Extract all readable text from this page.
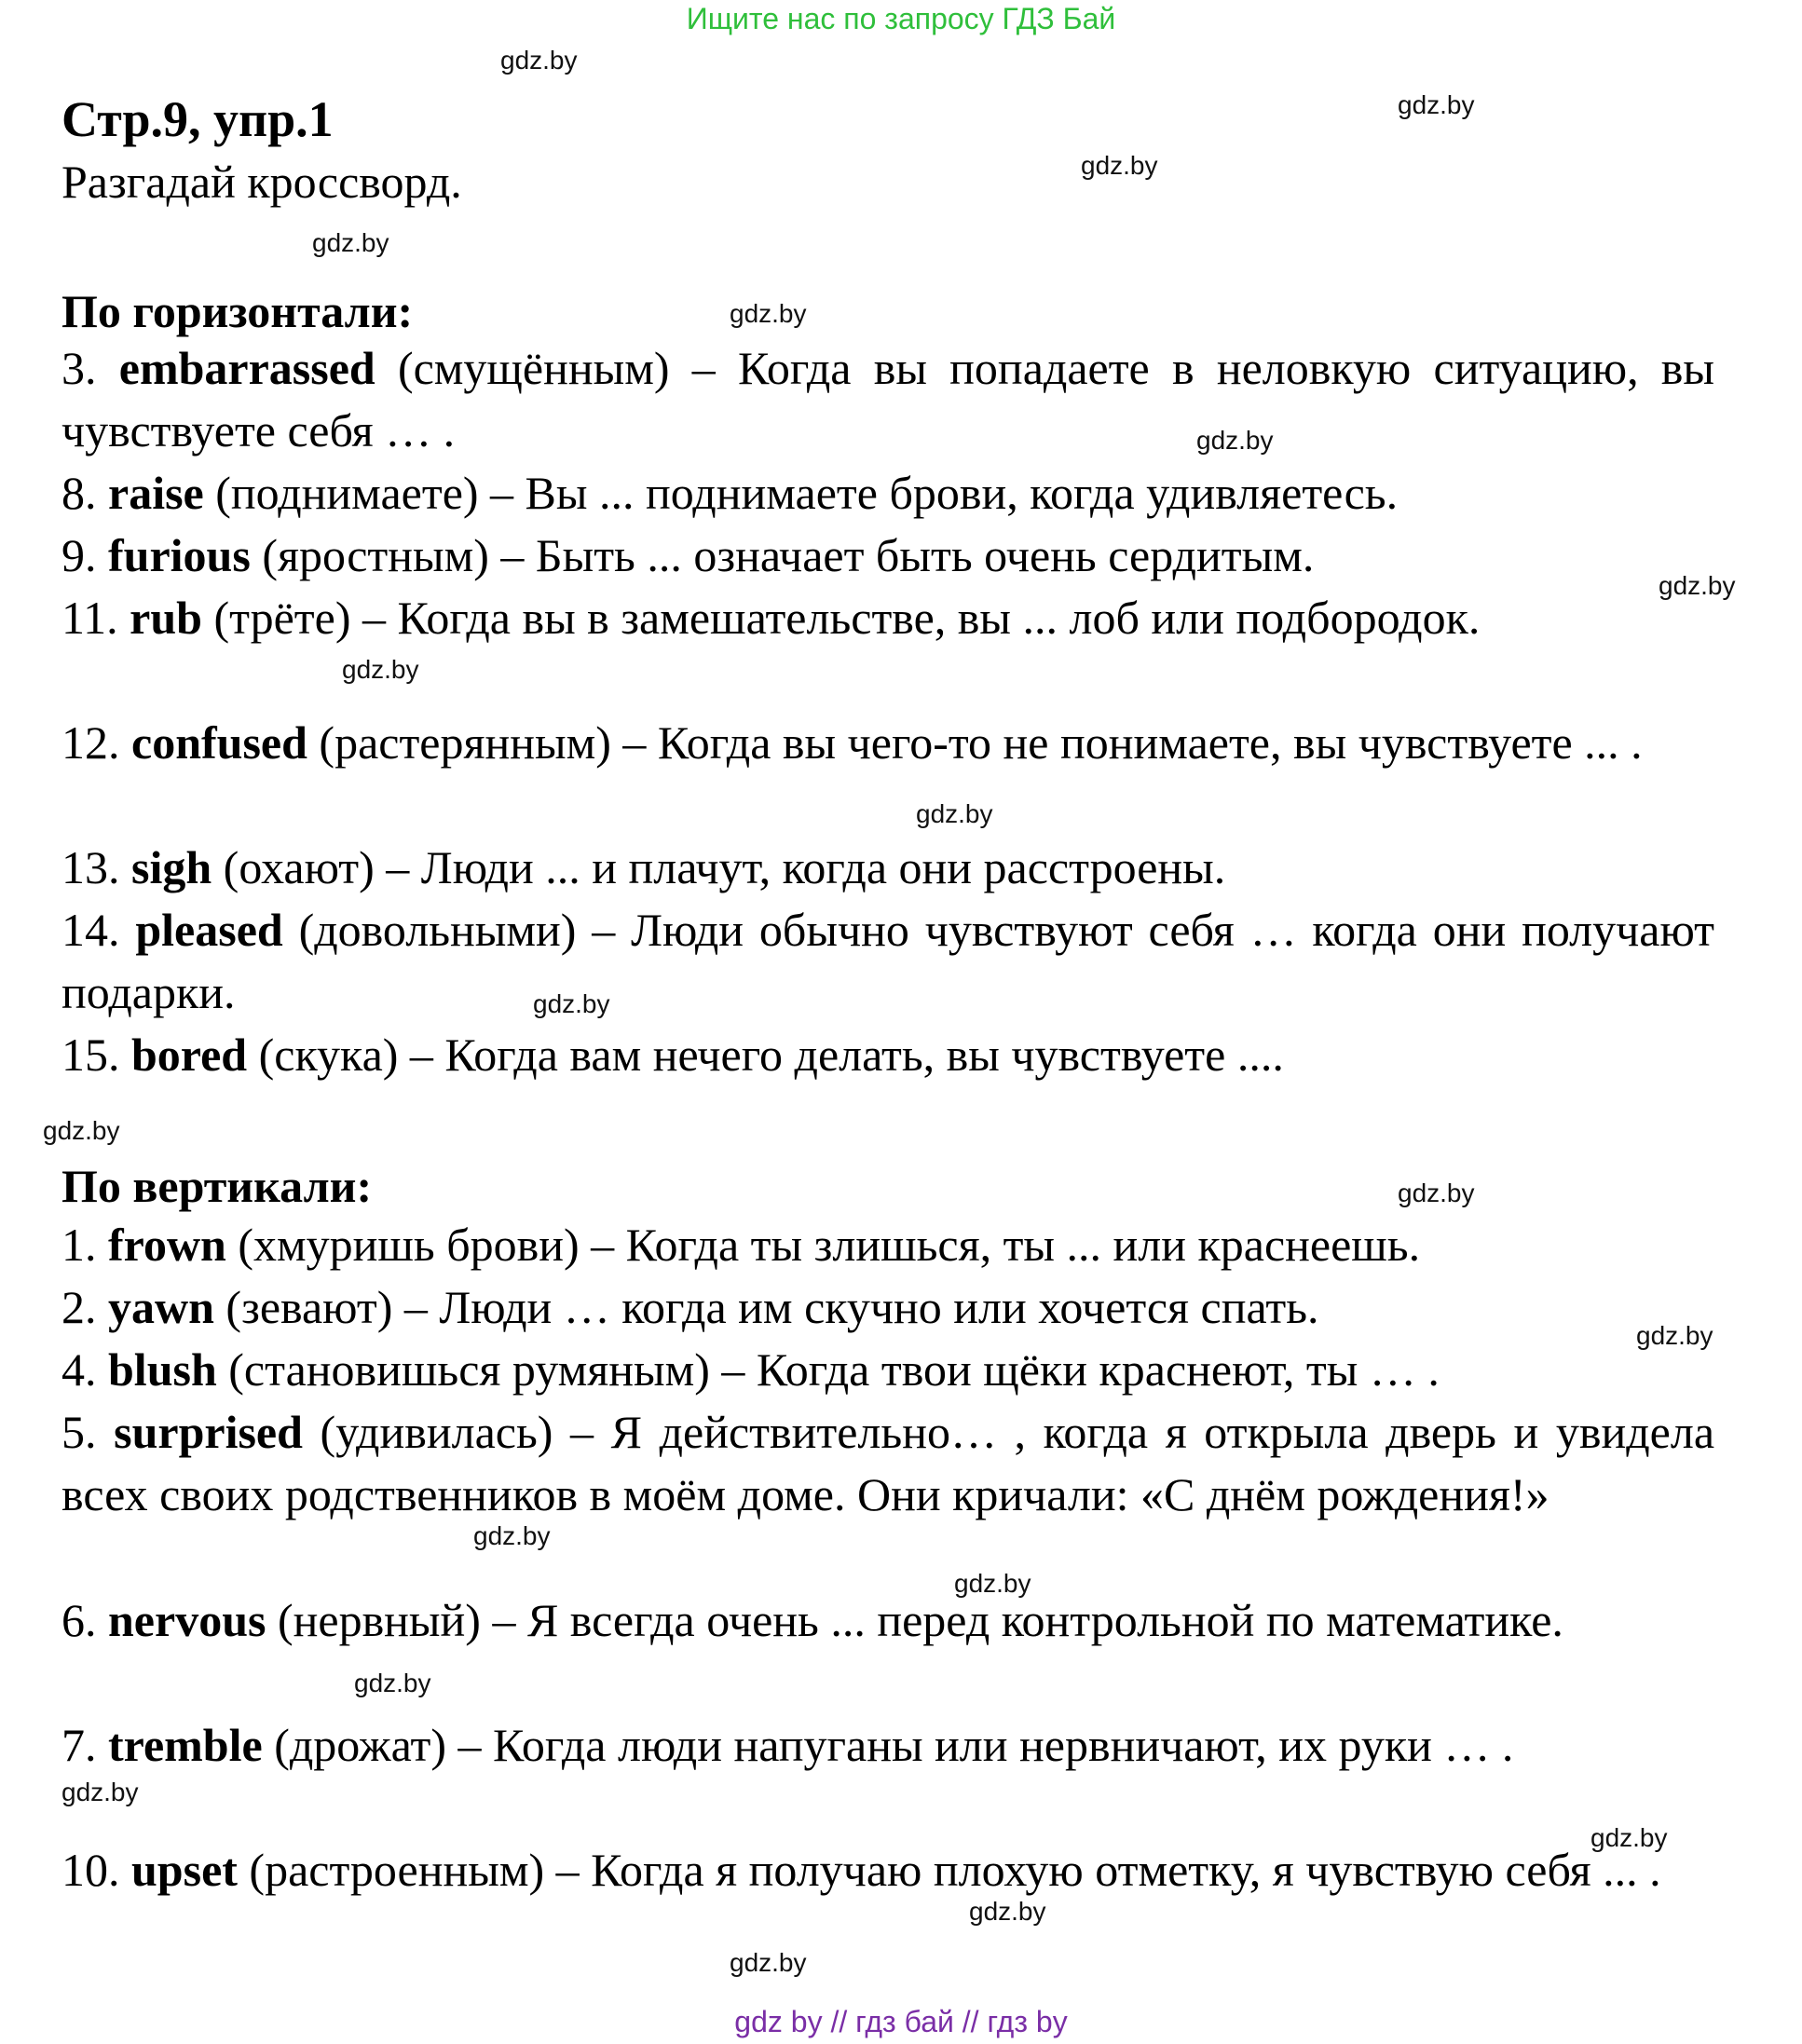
Ищите нас по запросу ГДЗ Бай
Стр.9, упр.1
Разгадай кроссворд.
По горизонтали:
3. embarrassed (смущённым) – Когда вы попадаете в неловкую ситуацию, вы чувствуете себя … .
8. raise (поднимаете) – Вы ... поднимаете брови, когда удивляетесь.
9. furious (яростным) – Быть ... означает быть очень сердитым.
11. rub (трёте) – Когда вы в замешательстве, вы ... лоб или подбородок.
12. confused (растерянным) – Когда вы чего-то не понимаете, вы чувствуете ... .
13. sigh (охают) – Люди ... и плачут, когда они расстроены.
14. pleased (довольными) – Люди обычно чувствуют себя … когда они получают подарки.
15. bored (скука) – Когда вам нечего делать, вы чувствуете ....
По вертикали:
1. frown (хмуришь брови) – Когда ты злишься, ты ... или краснеешь.
2. yawn (зевают) – Люди … когда им скучно или хочется спать.
4. blush (становишься румяным) – Когда твои щёки краснеют, ты … .
5. surprised (удивилась) – Я действительно… , когда я открыла дверь и увидела всех своих родственников в моём доме. Они кричали: «С днём рождения!»
6. nervous (нервный) – Я всегда очень ... перед контрольной по математике.
7. tremble (дрожат) – Когда люди напуганы или нервничают, их руки … .
10. upset (растроенным) – Когда я получаю плохую отметку, я чувствую себя ... .
gdz.by
gdz.by
gdz.by
gdz.by
gdz.by
gdz.by
gdz.by
gdz.by
gdz.by
gdz.by
gdz.by
gdz.by
gdz.by
gdz.by
gdz.by
gdz.by
gdz.by
gdz.by
gdz.by
gdz.by
gdz by // гдз бай // гдз by
